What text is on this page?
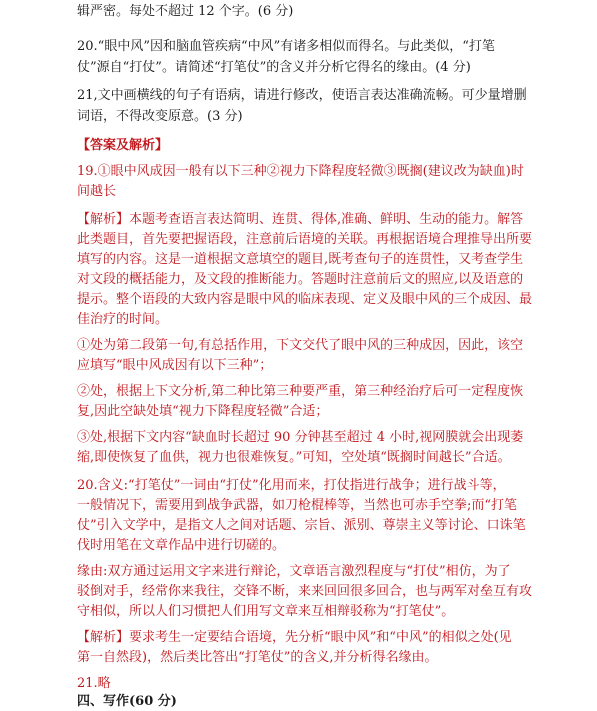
辑严密。每处不超过 12 个字。(6 分)
20.“眼中风”因和脑血管疾病“中风”有诸多相似而得名。与此类似，“打笔
仗”源自“打仗”。请简述“打笔仗”的含义并分析它得名的缘由。(4 分)
21,文中画横线的句子有语病，请进行修改，使语言表达准确流畅。可少量增删
词语，不得改变原意。(3 分)
【答案及解析】
19.①眼中风成因一般有以下三种②视力下降程度轻微③既搁(建议改为缺血)时
间越长
【解析】本题考查语言表达简明、连贯、得体,准确、鲜明、生动的能力。解答
此类题目，首先要把握语段，注意前后语境的关联。再根据语境合理推导出所要
填写的内容。这是一道根据文意填空的题目,既考查句子的连贯性，又考查学生
对文段的概括能力，及文段的推断能力。答题时注意前后文的照应,以及语意的
提示。整个语段的大致内容是眼中风的临床表现、定义及眼中风的三个成因、最
佳治疗的时间。
①处为第二段第一句,有总括作用，下文交代了眼中风的三种成因，因此，该空
应填写“眼中风成因有以下三种”；
②处，根据上下文分析,第二种比第三种要严重，第三种经治疗后可一定程度恢
复,因此空缺处填“视力下降程度轻微”合适；
③处,根据下文内容“缺血时长超过 90 分钟甚至超过 4 小时,视网膜就会出现萎
缩,即使恢复了血供，视力也很难恢复。”可知，空处填“既搁时间越长”合适。
20.含义:“打笔仗”一词由“打仗”化用而来，打仗指进行战争；进行战斗等，
一般情况下，需要用到战争武器，如刀枪棍棒等，当然也可赤手空拳;而“打笔
仗”引入文学中，是指文人之间对话题、宗旨、派别、尊崇主义等讨论、口诛笔
伐时用笔在文章作品中进行切磋的。
缘由:双方通过运用文字来进行辩论，文章语言激烈程度与“打仗”相仿，为了
驳倒对手，经常你来我往，交锋不断，来来回回很多回合，也与两军对垒互有攻
守相似，所以人们习惯把人们用写文章来互相辩驳称为“打笔仗”。
【解析】要求考生一定要结合语境，先分析“眼中风”和“中风”的相似之处(见
第一自然段)，然后类比答出“打笔仗”的含义,并分析得名缘由。
21.略
四、写作(60 分)
